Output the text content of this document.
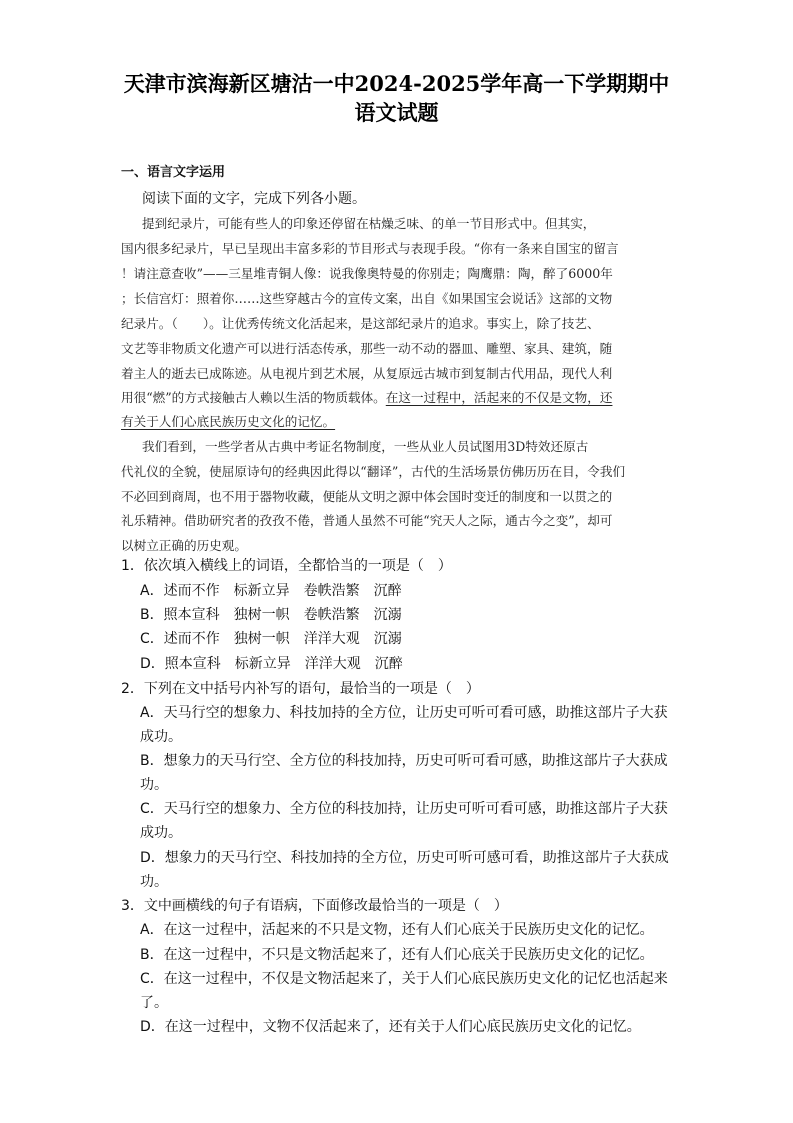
天津市滨海新区塘沽一中2024-2025学年高一下学期期中
语文试题
一、语言文字运用
阅读下面的文字，完成下列各小题。
提到纪录片，可能有些人的印象还停留在枯燥乏味、的单一节目形式中。但其实，
国内很多纪录片，早已呈现出丰富多彩的节目形式与表现手段。“你有一条来自国宝的留言
！请注意查收”——三星堆青铜人像：说我像奥特曼的你别走；陶鹰鼎：陶，醉了6000年
；长信宫灯：照着你……这些穿越古今的宣传文案，出自《如果国宝会说话》这部的文物
纪录片。（　　）。让优秀传统文化活起来，是这部纪录片的追求。事实上，除了技艺、
文艺等非物质文化遗产可以进行活态传承，那些一动不动的器皿、雕塑、家具、建筑，随
着主人的逝去已成陈迹。从电视片到艺术展，从复原远古城市到复制古代用品，现代人利
用很“燃”的方式接触古人赖以生活的物质载体。在这一过程中，活起来的不仅是文物，还
有关于人们心底民族历史文化的记忆。
我们看到，一些学者从古典中考证名物制度，一些从业人员试图用3D特效还原古
代礼仪的全貌，使屈原诗句的经典因此得以“翻译”，古代的生活场景仿佛历历在目，令我们
不必回到商周，也不用于器物收藏，便能从文明之源中体会国时变迁的制度和一以贯之的
礼乐精神。借助研究者的孜孜不倦，普通人虽然不可能“究天人之际，通古今之变”，却可
以树立正确的历史观。
1．依次填入横线上的词语，全都恰当的一项是（　）
A．述而不作　标新立异　卷帙浩繁　沉醉
B．照本宣科　独树一帜　卷帙浩繁　沉溺
C．述而不作　独树一帜　洋洋大观　沉溺
D．照本宣科　标新立异　洋洋大观　沉醉
2．下列在文中括号内补写的语句，最恰当的一项是（　）
A．天马行空的想象力、科技加持的全方位，让历史可听可看可感，助推这部片子大获
成功。
B．想象力的天马行空、全方位的科技加持，历史可听可看可感，助推这部片子大获成
功。
C．天马行空的想象力、全方位的科技加持，让历史可听可看可感，助推这部片子大获
成功。
D．想象力的天马行空、科技加持的全方位，历史可听可感可看，助推这部片子大获成
功。
3．文中画横线的句子有语病，下面修改最恰当的一项是（　）
A．在这一过程中，活起来的不只是文物，还有人们心底关于民族历史文化的记忆。
B．在这一过程中，不只是文物活起来了，还有人们心底关于民族历史文化的记忆。
C．在这一过程中，不仅是文物活起来了，关于人们心底民族历史文化的记忆也活起来
了。
D．在这一过程中，文物不仅活起来了，还有关于人们心底民族历史文化的记忆。
